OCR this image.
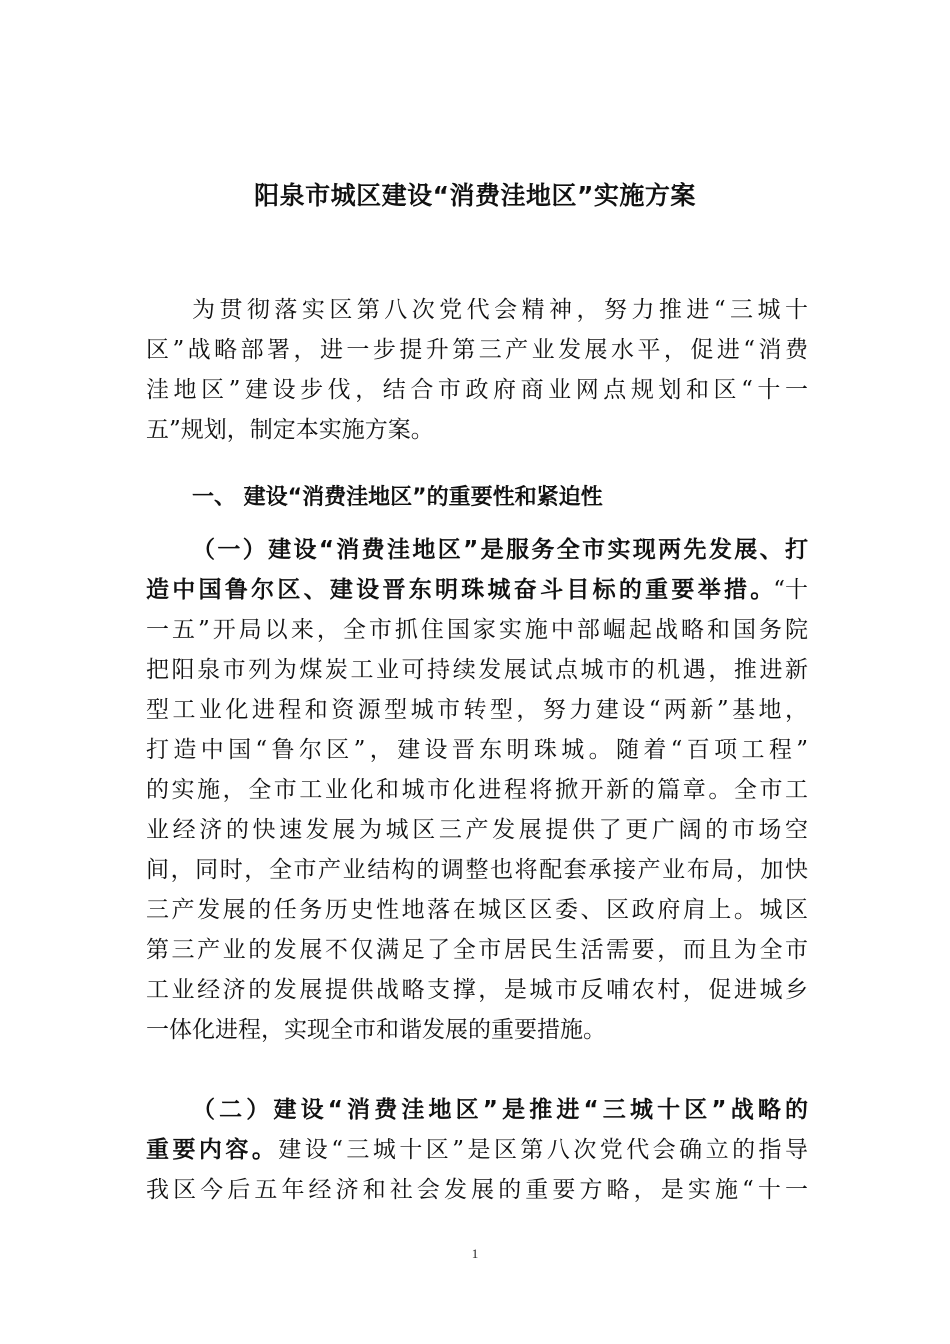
阳泉市城区建设“消费洼地区”实施方案
为贯彻落实区第八次党代会精神，努力推进“三城十
区”战略部署，进一步提升第三产业发展水平，促进“消费
洼地区”建设步伐，结合市政府商业网点规划和区“十一
五”规划，制定本实施方案。
一、 建设“消费洼地区”的重要性和紧迫性
（一）建设“消费洼地区”是服务全市实现两先发展、打
造中国鲁尔区、建设晋东明珠城奋斗目标的重要举措。 “十
一五”开局以来，全市抓住国家实施中部崛起战略和国务院
把阳泉市列为煤炭工业可持续发展试点城市的机遇，推进新
型工业化进程和资源型城市转型，努力建设“两新”基地，
打造中国“鲁尔区”，建设晋东明珠城。随着“百项工程”
的实施，全市工业化和城市化进程将掀开新的篇章。全市工
业经济的快速发展为城区三产发展提供了更广阔的市场空
间，同时，全市产业结构的调整也将配套承接产业布局，加快
三产发展的任务历史性地落在城区区委、区政府肩上。城区
第三产业的发展不仅满足了全市居民生活需要，而且为全市
工业经济的发展提供战略支撑，是城市反哺农村，促进城乡
一体化进程，实现全市和谐发展的重要措施。
（二）建设“消费洼地区”是推进“三城十区”战略的
重要内容。建设“三城十区”是区第八次党代会确立的指导
我区今后五年经济和社会发展的重要方略，是实施“十一
1
